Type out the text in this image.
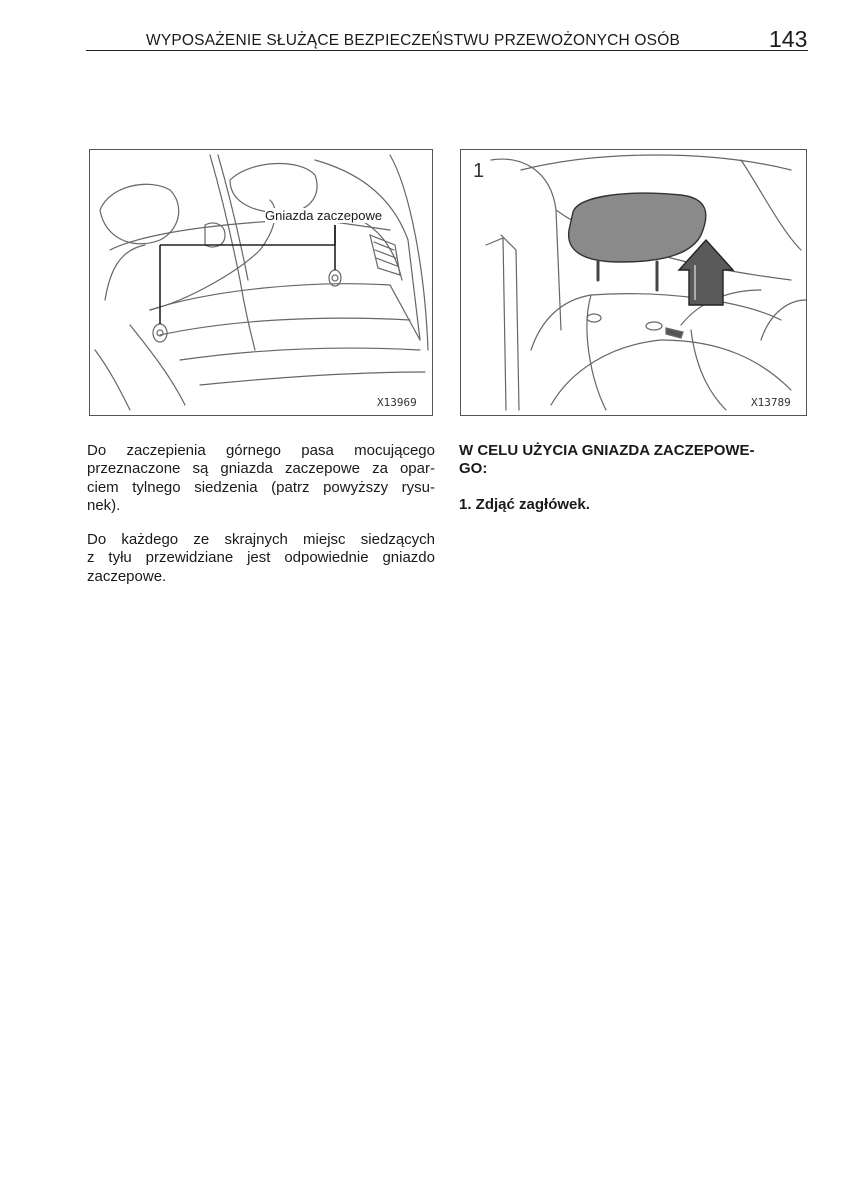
WYPOSAŻENIE SŁUŻĄCE BEZPIECZEŃSTWU PRZEWOŻONYCH OSÓB	143
Gniazda zaczepowe
X13969
1
X13789

Do zaczepienia górnego pasa mocującego
przeznaczone są gniazda zaczepowe za opar-
ciem tylnego siedzenia (patrz powyższy rysu-
nek).

Do każdego ze skrajnych miejsc siedzących
z tyłu przewidziane jest odpowiednie gniazdo
zaczepowe.

W CELU UŻYCIA GNIAZDA ZACZEPOWE-
GO:

1. Zdjąć zagłówek.
